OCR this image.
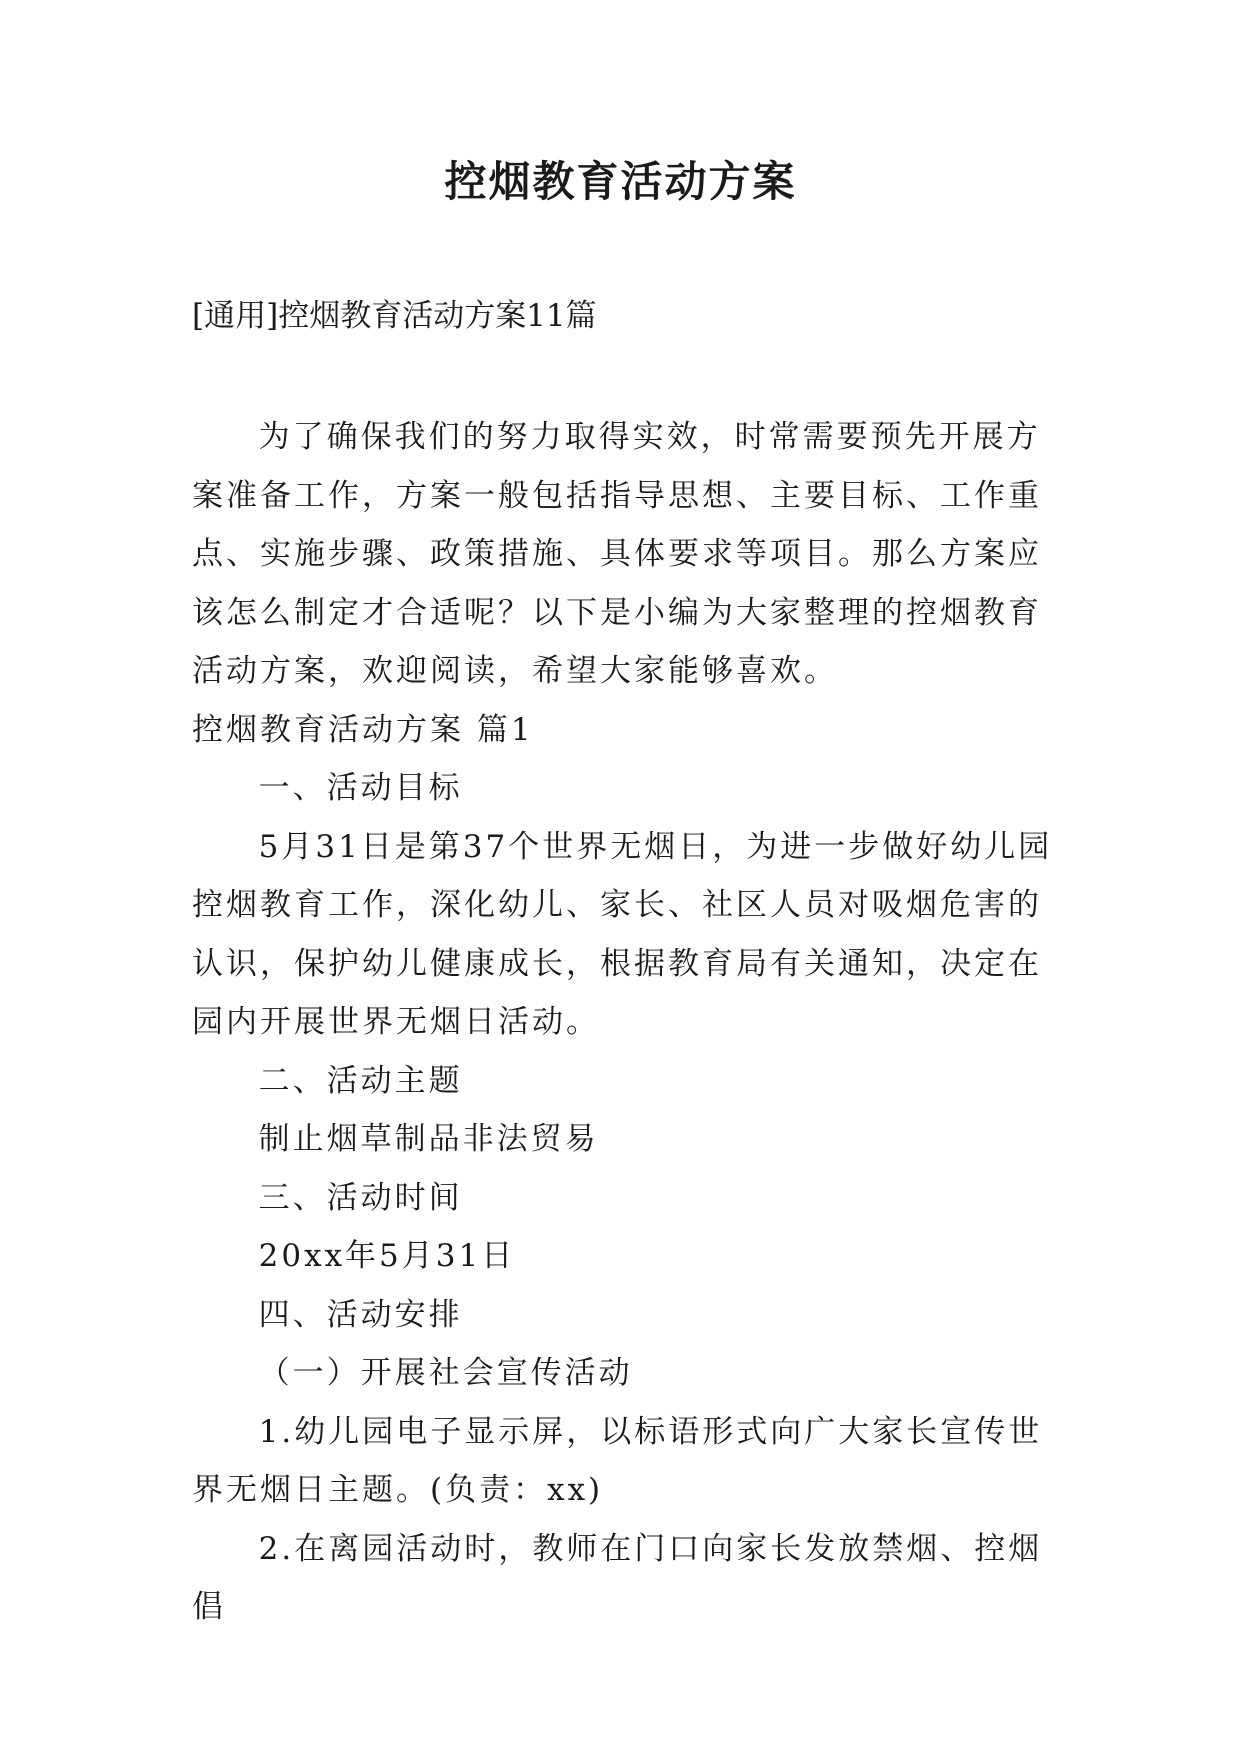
控烟教育活动方案

[通用]控烟教育活动方案11篇

为了确保我们的努力取得实效，时常需要预先开展方案准备工作，方案一般包括指导思想、主要目标、工作重点、实施步骤、政策措施、具体要求等项目。那么方案应该怎么制定才合适呢？以下是小编为大家整理的控烟教育活动方案，欢迎阅读，希望大家能够喜欢。

控烟教育活动方案 篇1

一、活动目标

5月31日是第37个世界无烟日，为进一步做好幼儿园控烟教育工作，深化幼儿、家长、社区人员对吸烟危害的认识，保护幼儿健康成长，根据教育局有关通知，决定在园内开展世界无烟日活动。

二、活动主题

制止烟草制品非法贸易

三、活动时间

20xx年5月31日

四、活动安排

（一）开展社会宣传活动

1.幼儿园电子显示屏，以标语形式向广大家长宣传世界无烟日主题。(负责：xx)

2.在离园活动时，教师在门口向家长发放禁烟、控烟倡
